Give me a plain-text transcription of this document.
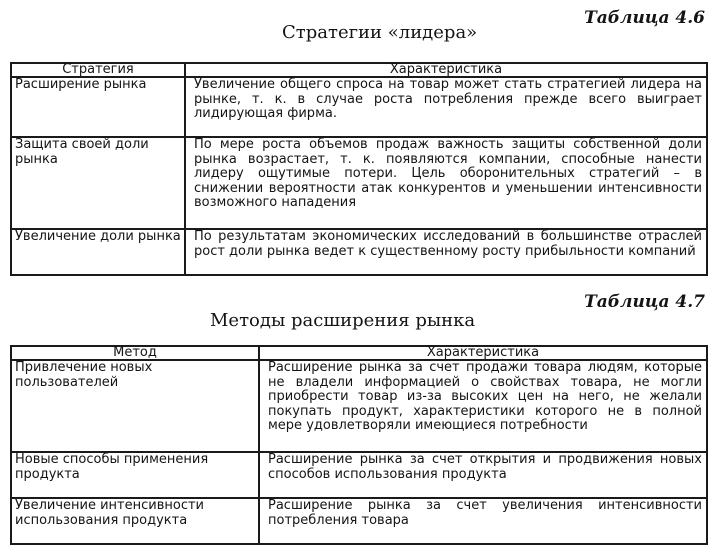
Таблица 4.6
Стратегии «лидера»
Стратегия	Характеристика
Расширение рынка	Увеличение общего спроса на товар может стать стратегией лидера на рынке, т. к. в случае роста потребления прежде всего выиграет лидирующая фирма.
Защита своей доли рынка	По мере роста объемов продаж важность защиты собственной доли рынка возрастает, т. к. появляются компании, способные нанести лидеру ощутимые потери. Цель оборонительных стратегий – в снижении вероятности атак конкурентов и уменьшении интенсивности возможного нападения
Увеличение доли рынка	По результатам экономических исследований в большинстве отраслей рост доли рынка ведет к существенному росту прибыльности компаний
Таблица 4.7
Методы расширения рынка
Метод	Характеристика
Привлечение новых пользователей	Расширение рынка за счет продажи товара людям, которые не владели информацией о свойствах товара, не могли приобрести товар из-за высоких цен на него, не желали покупать продукт, характеристики которого не в полной мере удовлетворяли имеющиеся потребности
Новые способы применения продукта	Расширение рынка за счет открытия и продвижения новых способов использования продукта
Увеличение интенсивности использования продукта	Расширение рынка за счет увеличения интенсивности потребления товара
